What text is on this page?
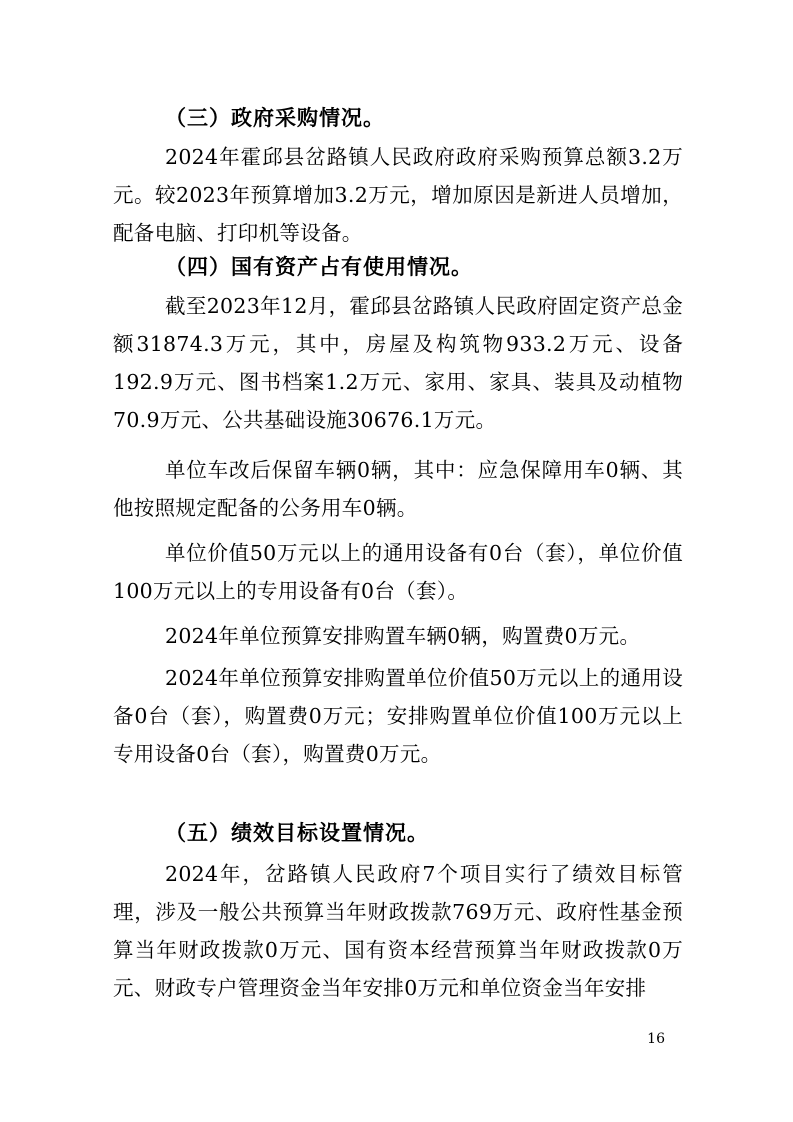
（三）政府采购情况。
2024年霍邱县岔路镇人民政府政府采购预算总额3.2万元。较2023年预算增加3.2万元，增加原因是新进人员增加，配备电脑、打印机等设备。
（四）国有资产占有使用情况。
截至2023年12月，霍邱县岔路镇人民政府固定资产总金额31874.3万元，其中，房屋及构筑物933.2万元、设备192.9万元、图书档案1.2万元、家用、家具、装具及动植物70.9万元、公共基础设施30676.1万元。
单位车改后保留车辆0辆，其中：应急保障用车0辆、其他按照规定配备的公务用车0辆。
单位价值50万元以上的通用设备有0台（套），单位价值100万元以上的专用设备有0台（套）。
2024年单位预算安排购置车辆0辆，购置费0万元。
2024年单位预算安排购置单位价值50万元以上的通用设备0台（套），购置费0万元；安排购置单位价值100万元以上专用设备0台（套），购置费0万元。
（五）绩效目标设置情况。
2024年，岔路镇人民政府7个项目实行了绩效目标管理，涉及一般公共预算当年财政拨款769万元、政府性基金预算当年财政拨款0万元、国有资本经营预算当年财政拨款0万元、财政专户管理资金当年安排0万元和单位资金当年安排
16
